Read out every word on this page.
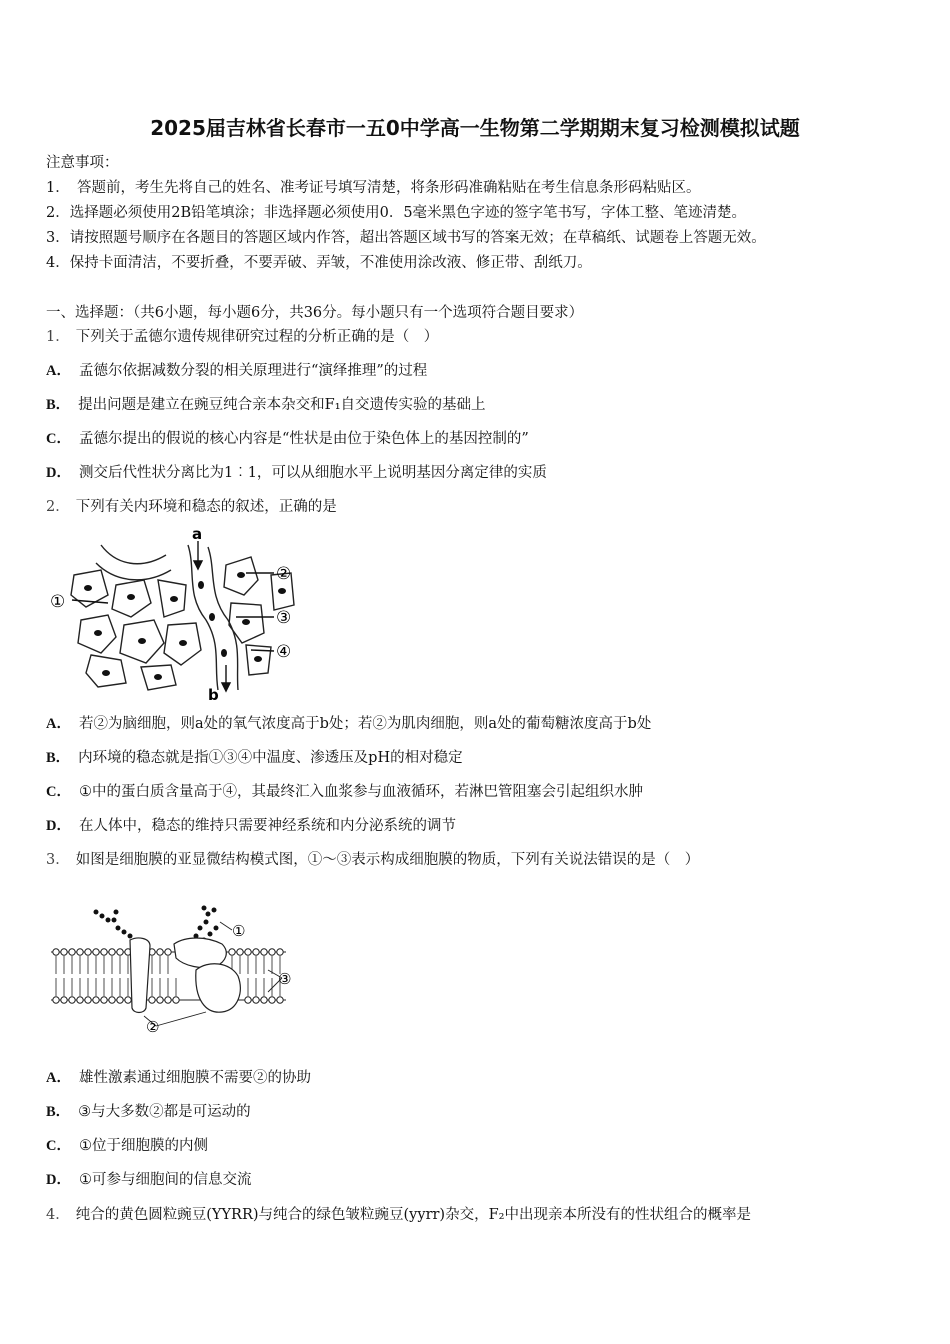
2025届吉林省长春市一五0中学高一生物第二学期期末复习检测模拟试题
注意事项：
1．　答题前，考生先将自己的姓名、准考证号填写清楚，将条形码准确粘贴在考生信息条形码粘贴区。
2．选择题必须使用2B铅笔填涂；非选择题必须使用0．5毫米黑色字迹的签字笔书写，字体工整、笔迹清楚。
3．请按照题号顺序在各题目的答题区域内作答，超出答题区域书写的答案无效；在草稿纸、试题卷上答题无效。
4．保持卡面清洁，不要折叠，不要弄破、弄皱，不准使用涂改液、修正带、刮纸刀。
一、选择题：（共6小题，每小题6分，共36分。每小题只有一个选项符合题目要求）
1． 下列关于孟德尔遗传规律研究过程的分析正确的是（　）
A． 孟德尔依据减数分裂的相关原理进行“演绎推理”的过程
B． 提出问题是建立在豌豆纯合亲本杂交和F₁自交遗传实验的基础上
C． 孟德尔提出的假说的核心内容是“性状是由位于染色体上的基因控制的”
D． 测交后代性状分离比为1︰1，可以从细胞水平上说明基因分离定律的实质
2． 下列有关内环境和稳态的叙述，正确的是
a
b
①
②
③
④
A． 若②为脑细胞，则a处的氧气浓度高于b处；若②为肌肉细胞，则a处的葡萄糖浓度高于b处
B． 内环境的稳态就是指①③④中温度、渗透压及pH的相对稳定
C． ①中的蛋白质含量高于④，其最终汇入血浆参与血液循环，若淋巴管阻塞会引起组织水肿
D． 在人体中，稳态的维持只需要神经系统和内分泌系统的调节
3． 如图是细胞膜的亚显微结构模式图，①～③表示构成细胞膜的物质，下列有关说法错误的是（　）
①
②
③
A． 雄性激素通过细胞膜不需要②的协助
B． ③与大多数②都是可运动的
C． ①位于细胞膜的内侧
D． ①可参与细胞间的信息交流
4． 纯合的黄色圆粒豌豆(YYRR)与纯合的绿色皱粒豌豆(yyrr)杂交，F₂中出现亲本所没有的性状组合的概率是
